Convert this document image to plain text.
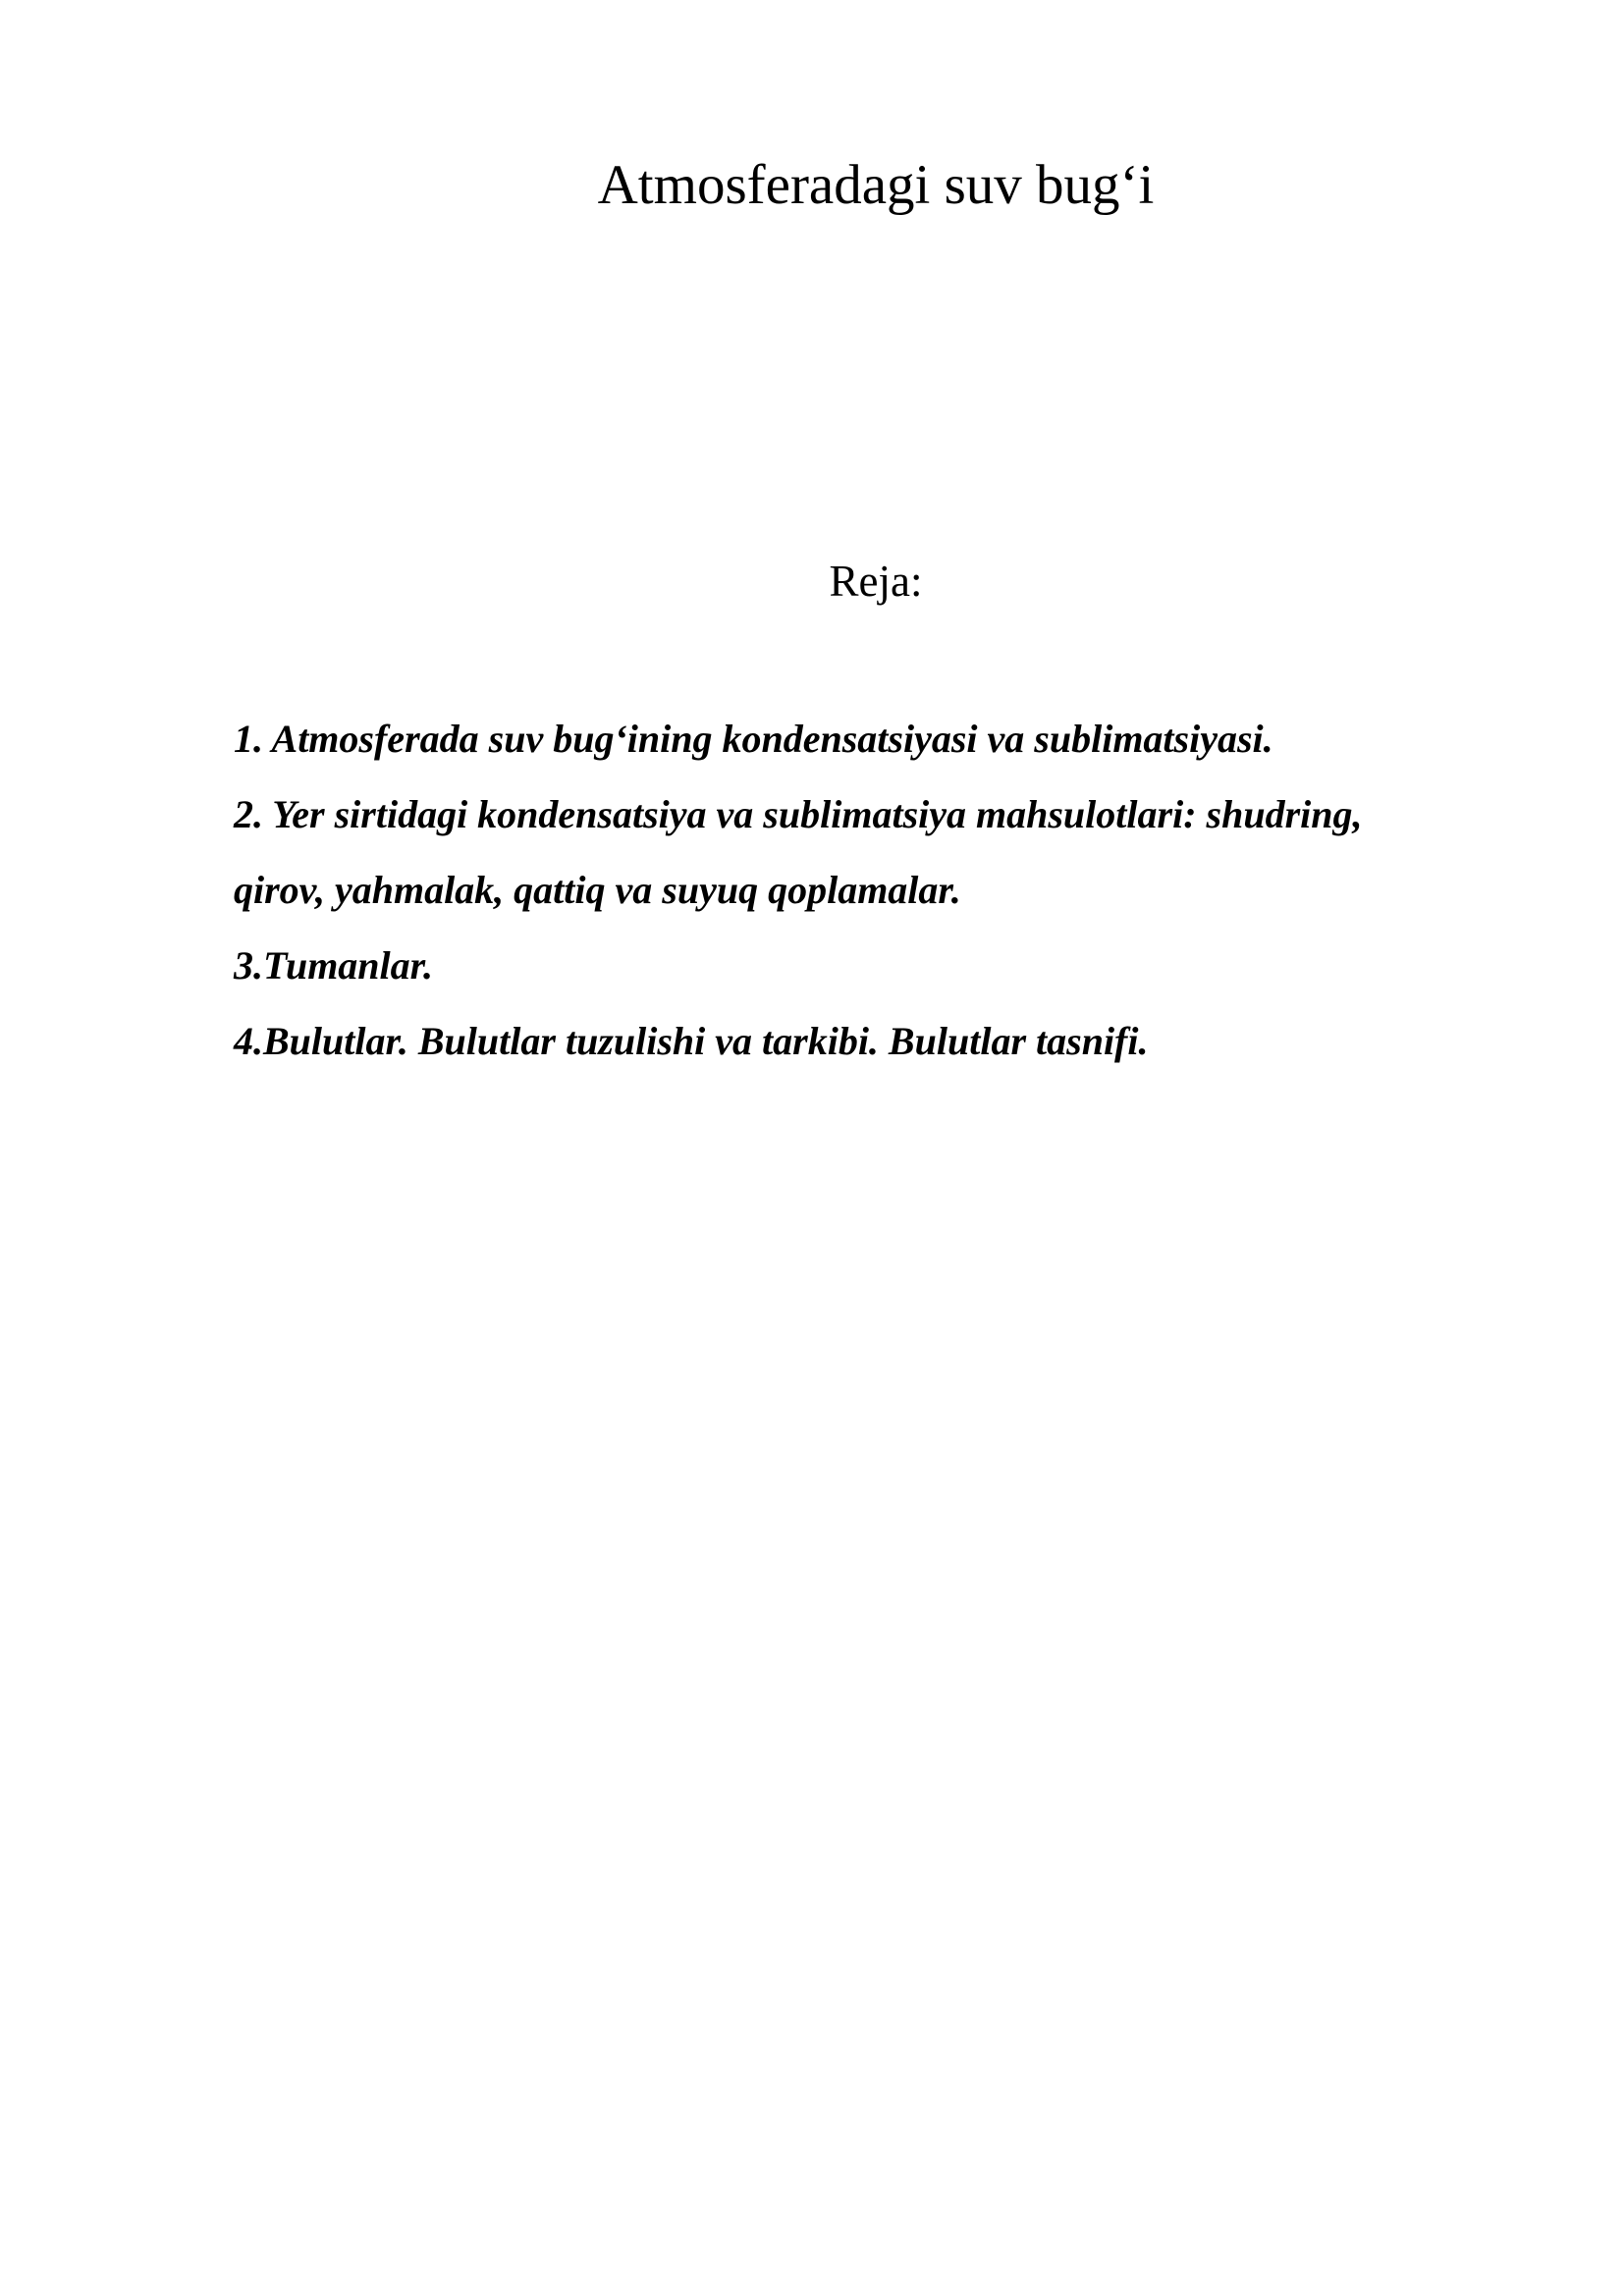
Atmosferadagi suv bug‘i

Reja:

1. Atmosferada suv bug‘ining kondensatsiyasi va sublimatsiyasi.
2. Yer sirtidagi kondensatsiya va sublimatsiya mahsulotlari: shudring,
qirov, yahmalak, qattiq va suyuq qoplamalar.
3.Tumanlar.
4.Bulutlar. Bulutlar tuzulishi va tarkibi. Bulutlar tasnifi.
